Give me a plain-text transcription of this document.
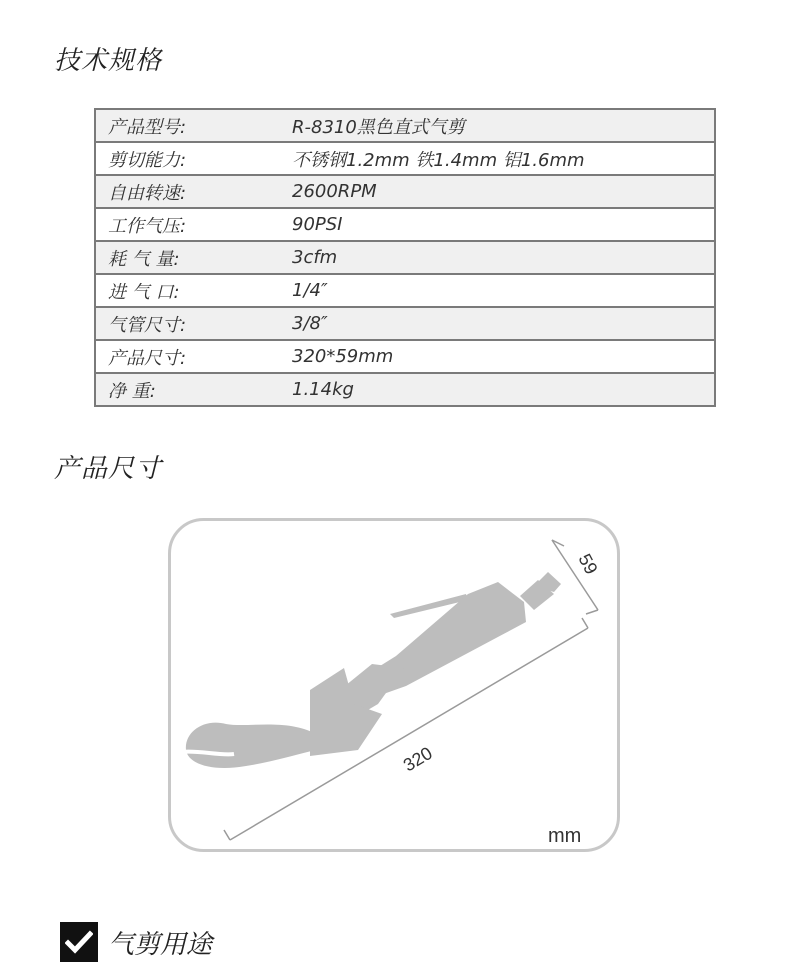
技术规格
产品型号:	R-8310黑色直式气剪
剪切能力:	不锈钢1.2mm 铁1.4mm 铝1.6mm
自由转速:	2600RPM
工作气压:	90PSI
耗 气 量:	3cfm
进 气 口:	1/4″
气管尺寸:	3/8″
产品尺寸:	320*59mm
净 重:	1.14kg
产品尺寸
59
320
mm
气剪用途
